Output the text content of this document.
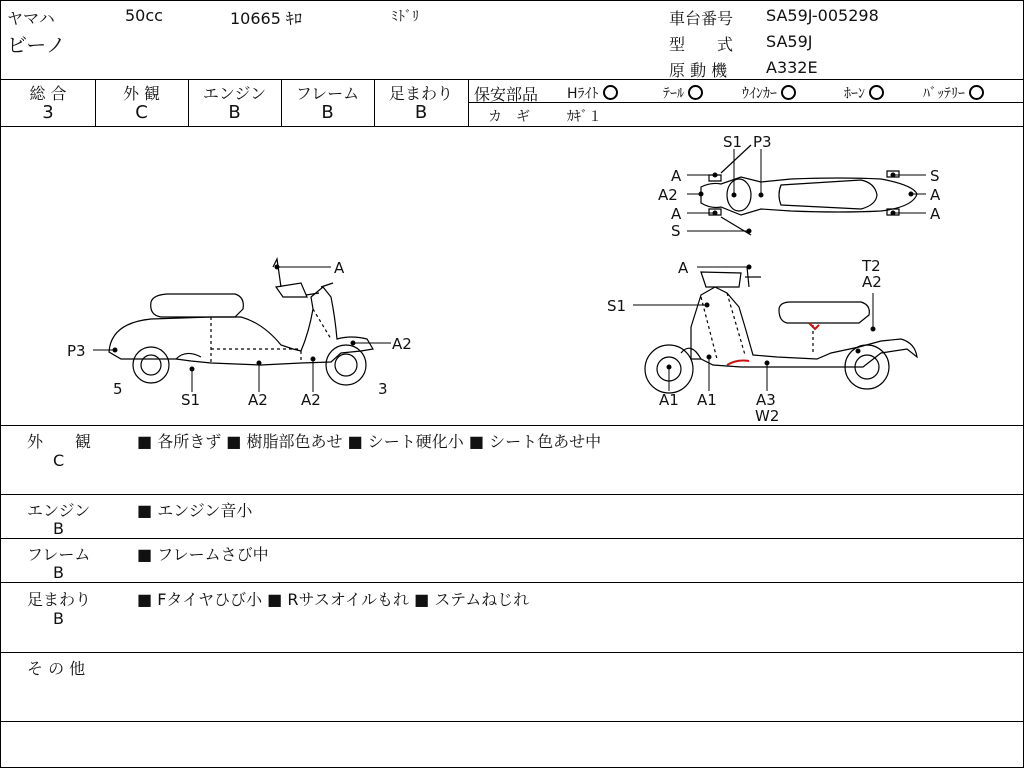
ヤマハ	50cc	10665 ｷﾛ	ﾐﾄﾞﾘ
ビーノ
車台番号 SA59J-005298
型　　式 SA59J
原 動 機 A332E
総 合	外 観	エンジン	フレーム	足まわり
3	C	B	B	B
保安部品 Hﾗｲﾄ	ﾃｰﾙ	ｳｲﾝｶｰ	ﾎｰﾝ	ﾊﾞｯﾃﾘｰ
カ　ギ	ｶｷﾞ１
A
P3	A2
5
S1	A2 A2
3
S1 P3
A
A2
A
S
S
A
A
A	T2
A2
S1
A1 A1	A3
W2
外　　観
C
■ 各所きず ■ 樹脂部色あせ ■ シート硬化小 ■ シート色あせ中
エンジン
B
■ エンジン音小
フレーム
B
■ フレームさび中
足まわり
B
■ Fタイヤひび小 ■ Rサスオイルもれ ■ ステムねじれ
そ の 他
